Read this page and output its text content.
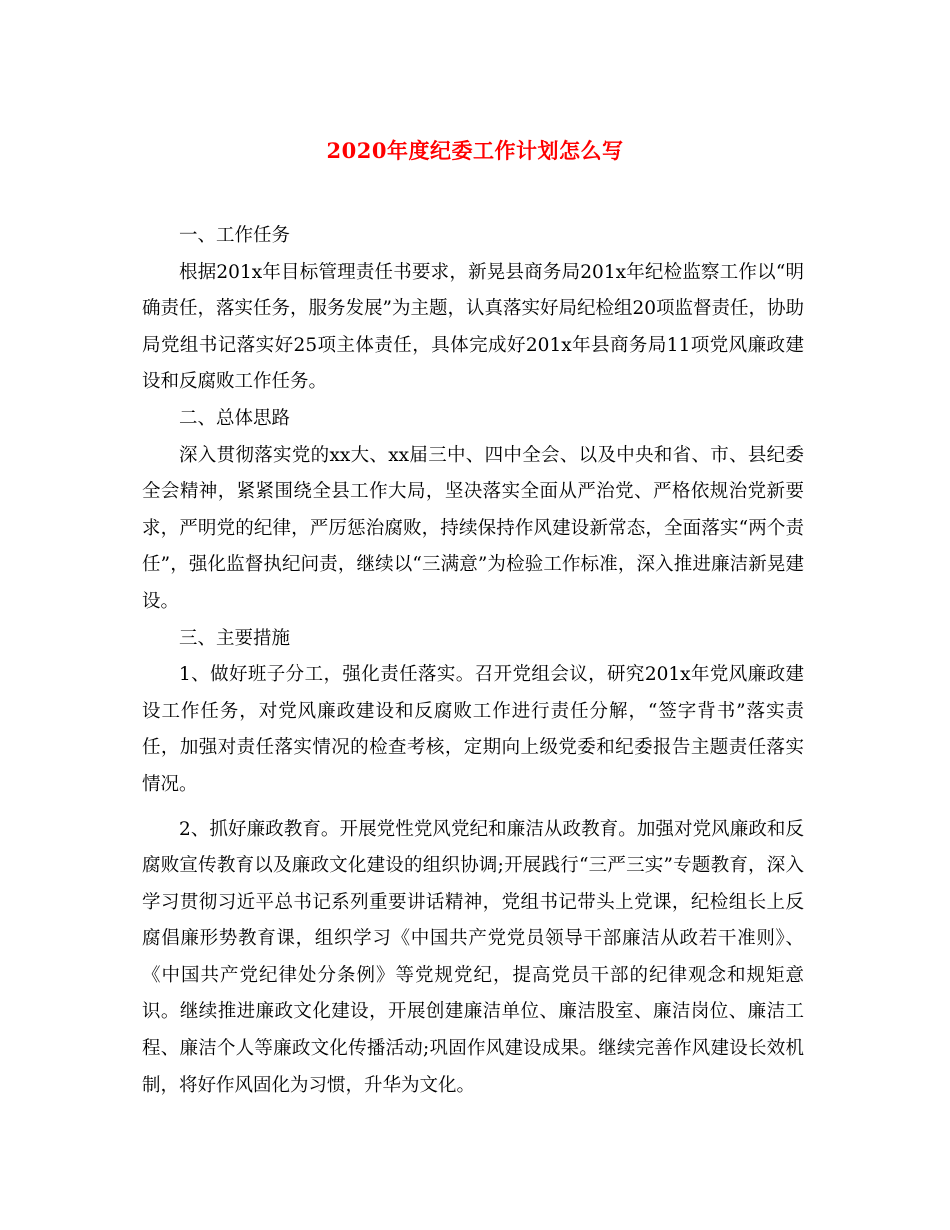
2020年度纪委工作计划怎么写

一、工作任务

根据201x年目标管理责任书要求，新晃县商务局201x年纪检监察工作以“明确责任，落实任务，服务发展”为主题，认真落实好局纪检组20项监督责任，协助局党组书记落实好25项主体责任，具体完成好201x年县商务局11项党风廉政建设和反腐败工作任务。

二、总体思路

深入贯彻落实党的xx大、xx届三中、四中全会、以及中央和省、市、县纪委全会精神，紧紧围绕全县工作大局，坚决落实全面从严治党、严格依规治党新要求，严明党的纪律，严厉惩治腐败，持续保持作风建设新常态，全面落实“两个责任”，强化监督执纪问责，继续以“三满意”为检验工作标准，深入推进廉洁新晃建设。

三、主要措施

1、做好班子分工，强化责任落实。召开党组会议，研究201x年党风廉政建设工作任务，对党风廉政建设和反腐败工作进行责任分解，“签字背书”落实责任，加强对责任落实情况的检查考核，定期向上级党委和纪委报告主题责任落实情况。

2、抓好廉政教育。开展党性党风党纪和廉洁从政教育。加强对党风廉政和反腐败宣传教育以及廉政文化建设的组织协调;开展践行“三严三实”专题教育，深入学习贯彻习近平总书记系列重要讲话精神，党组书记带头上党课，纪检组长上反腐倡廉形势教育课，组织学习《中国共产党党员领导干部廉洁从政若干准则》、《中国共产党纪律处分条例》等党规党纪，提高党员干部的纪律观念和规矩意识。继续推进廉政文化建设，开展创建廉洁单位、廉洁股室、廉洁岗位、廉洁工程、廉洁个人等廉政文化传播活动;巩固作风建设成果。继续完善作风建设长效机制，将好作风固化为习惯，升华为文化。
